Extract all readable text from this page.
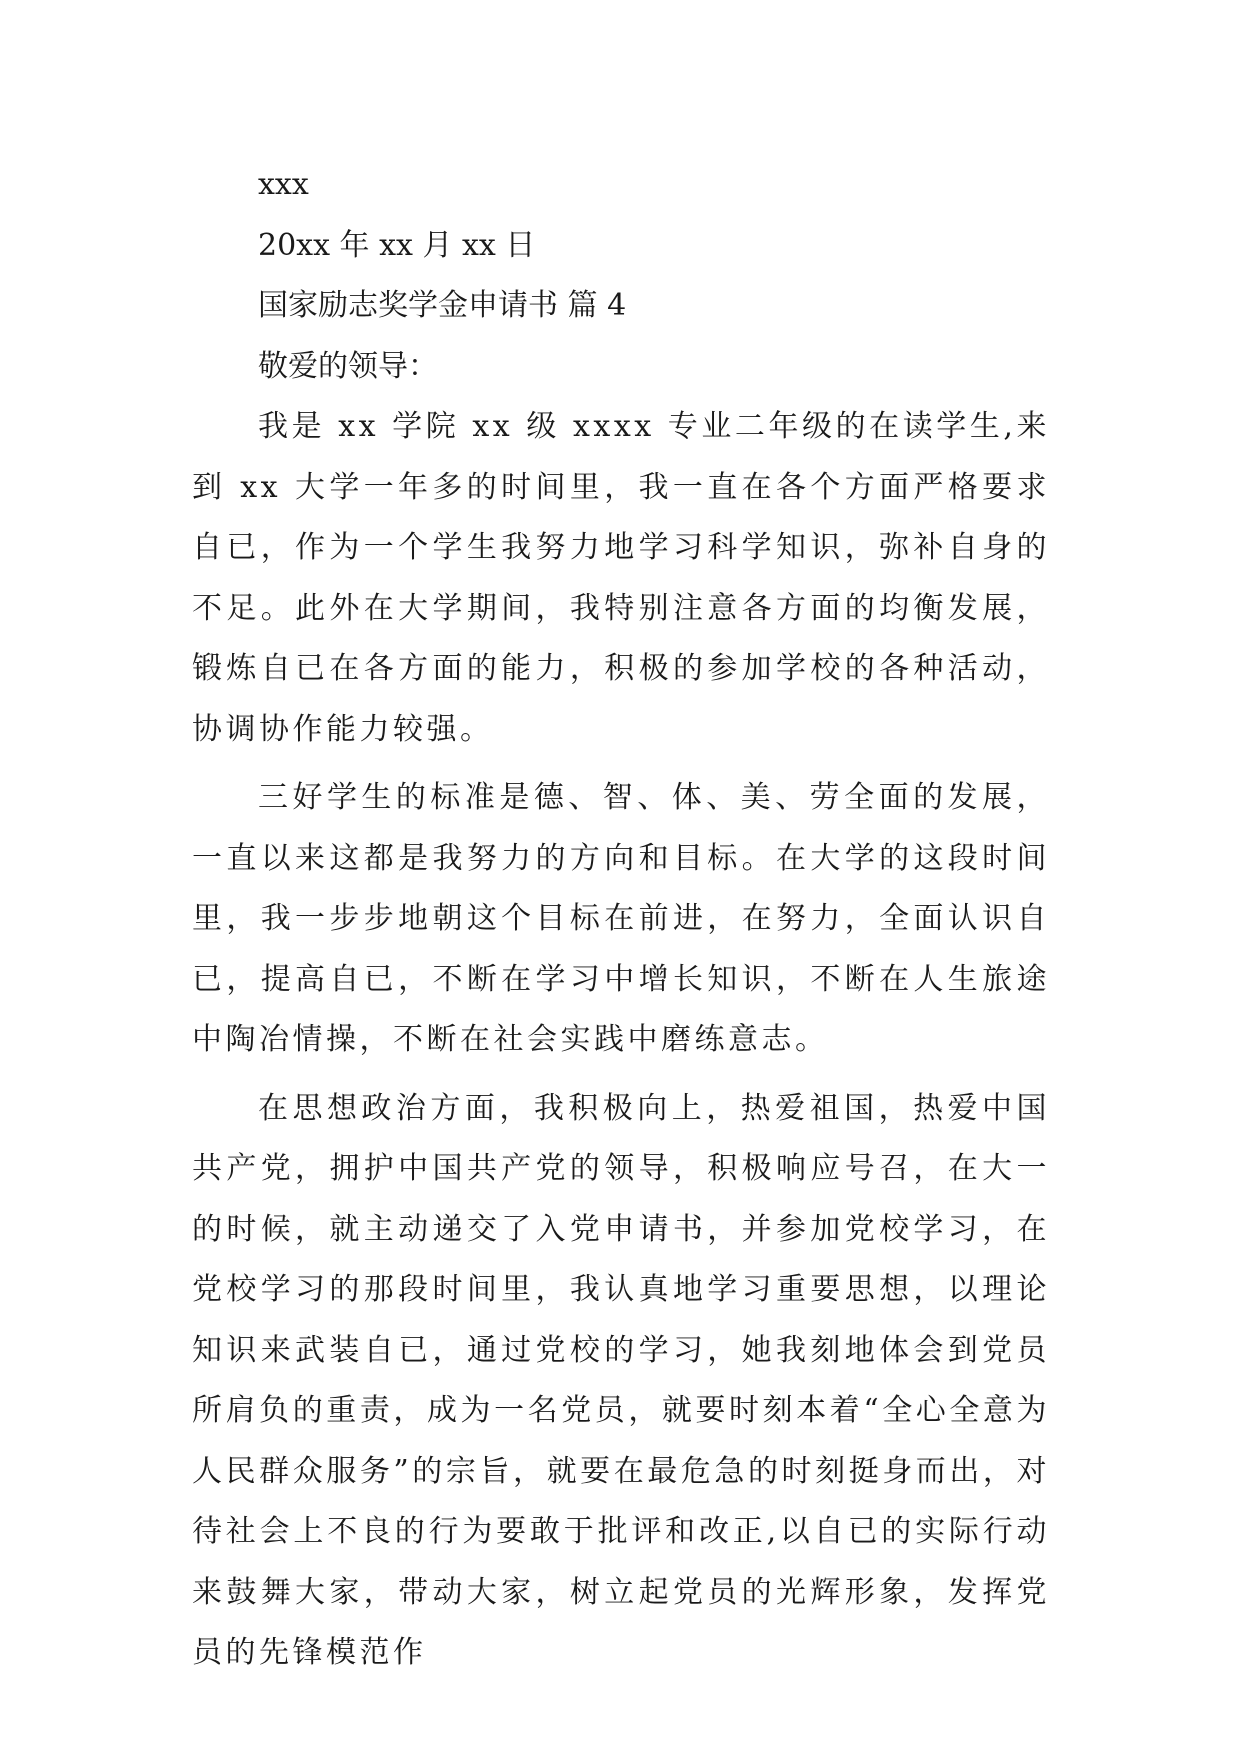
xxx

20xx 年 xx 月 xx 日

国家励志奖学金申请书 篇 4

敬爱的领导：

我是 xx 学院 xx 级 xxxx 专业二年级的在读学生,来到 xx 大学一年多的时间里，我一直在各个方面严格要求自已，作为一个学生我努力地学习科学知识，弥补自身的不足。此外在大学期间，我特别注意各方面的均衡发展，锻炼自已在各方面的能力，积极的参加学校的各种活动，协调协作能力较强。

三好学生的标准是德、智、体、美、劳全面的发展，一直以来这都是我努力的方向和目标。在大学的这段时间里，我一步步地朝这个目标在前进，在努力，全面认识自已，提高自已，不断在学习中增长知识，不断在人生旅途中陶冶情操，不断在社会实践中磨练意志。

在思想政治方面，我积极向上，热爱祖国，热爱中国共产党，拥护中国共产党的领导，积极响应号召，在大一的时候，就主动递交了入党申请书，并参加党校学习，在党校学习的那段时间里，我认真地学习重要思想，以理论知识来武装自已，通过党校的学习，她我刻地体会到党员所肩负的重责，成为一名党员，就要时刻本着“全心全意为人民群众服务”的宗旨，就要在最危急的时刻挺身而出，对待社会上不良的行为要敢于批评和改正,以自已的实际行动来鼓舞大家，带动大家，树立起党员的光辉形象，发挥党员的先锋模范作
